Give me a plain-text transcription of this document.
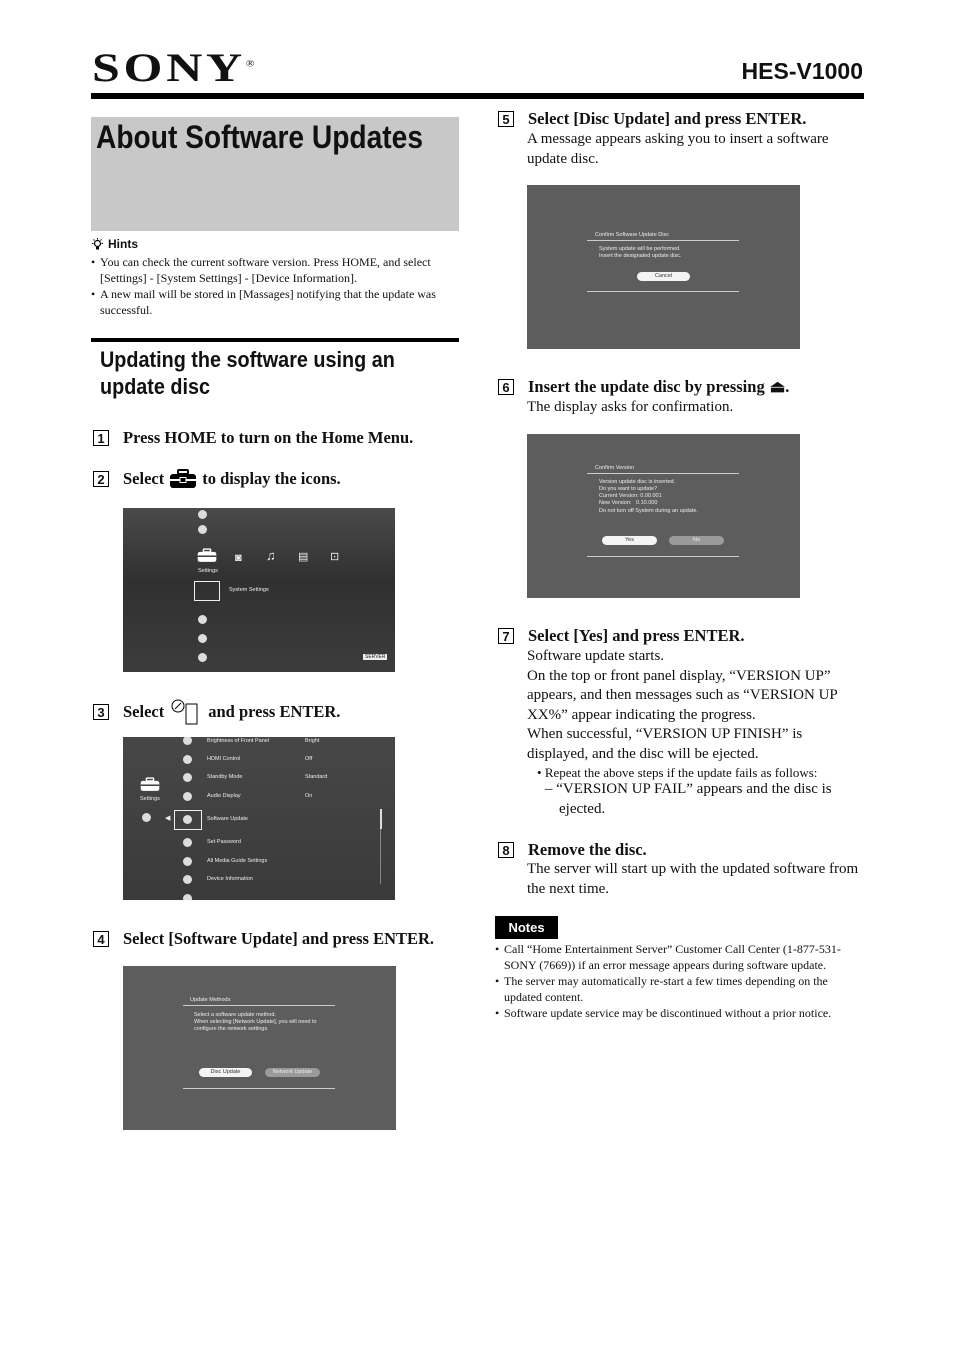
SONY®	HES-V1000
About Software Updates
Hints
• You can check the current software version. Press HOME, and select [Settings] - [System Settings] - [Device Information].
• A new mail will be stored in [Massages] notifying that the update was successful.
Updating the software using an update disc
1 Press HOME to turn on the Home Menu.
2 Select to display the icons.
Settings
◙ ♫ ▤ ⊡
System Settings
SERVER
3 Select	and press ENTER.
Settings
◀
Brightness of Front Panel	Bright
HDMI Control	Off
Standby Mode	Standard
Audio Display	On
Software Update
Set Password
All Media Guide Settings
Device Information
4 Select [Software Update] and press ENTER.
Update Methods
Select a software update method.
When selecting [Network Update], you will need to
configure the network settings.
Disc Update	Network Update
5 Select [Disc Update] and press ENTER.
A message appears asking you to insert a software update disc.
Confirm Software Update Disc
System update will be performed.
Insert the designated update disc.
Cancel
6 Insert the update disc by pressing ⏏ .
The display asks for confirmation.
Confirm Version
Version update disc is inserted.
Do you want to update?
Current Version: 0.00.001
New Version:   0.10.000
Do not turn off System during an update.
Yes	No
7 Select [Yes] and press ENTER.
Software update starts.
On the top or front panel display, “VERSION UP” appears, and then messages such as “VERSION UP XX%” appear indicating the progress.
When successful, “VERSION UP FINISH” is displayed, and the disc will be ejected.
• Repeat the above steps if the update fails as follows:
– “VERSION UP FAIL” appears and the disc is ejected.
8 Remove the disc.
The server will start up with the updated software from the next time.
Notes
• Call “Home Entertainment Server” Customer Call Center (1-877-531-SONY (7669)) if an error message appears during software update.
• The server may automatically re-start a few times depending on the updated content.
• Software update service may be discontinued without a prior notice.
